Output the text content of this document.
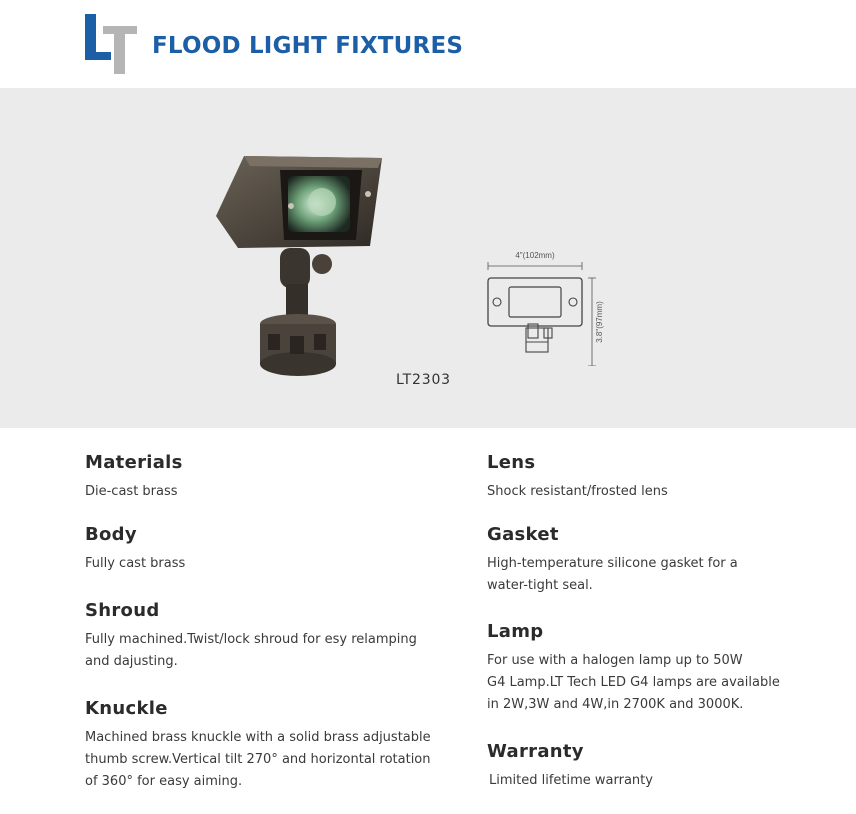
FLOOD LIGHT FIXTURES
4"(102mm)
3.8"(97mm)
LT2303
Materials

Die-cast brass

Body

Fully cast brass

Shroud

Fully machined.Twist/lock shroud for esy relamping
and dajusting.

Knuckle

Machined brass knuckle with a solid brass adjustable
thumb screw.Vertical tilt 270° and horizontal rotation
of 360° for easy aiming.

Lens

Shock resistant/frosted lens

Gasket

High-temperature silicone gasket for a
water-tight seal.

Lamp

For use with a halogen lamp up to 50W
G4 Lamp.LT Tech LED G4 lamps are available
in 2W,3W and 4W,in 2700K and 3000K.

Warranty

Limited lifetime warranty
